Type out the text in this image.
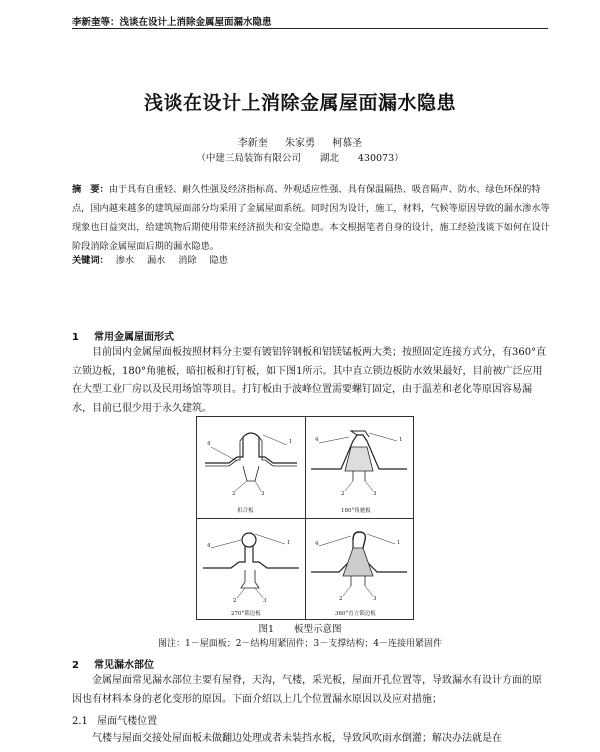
李新奎等：浅谈在设计上消除金属屋面漏水隐患
浅谈在设计上消除金属屋面漏水隐患
李新奎 朱家勇 柯慕圣
（中建三局装饰有限公司　　湖北　　430073）
摘　要：由于具有自重轻、耐久性强及经济指标高、外观适应性强、具有保温隔热、吸音隔声、防水、绿色环保的特点，国内越来越多的建筑屋面部分均采用了金属屋面系统。同时因为设计，施工，材料，气候等原因导致的漏水渗水等现象也日益突出，给建筑物后期使用带来经济损失和安全隐患。本文根据笔者自身的设计，施工经验浅谈下如何在设计阶段消除金属屋面后期的漏水隐患。
关键词： 渗水 漏水 消除 隐患
1 常用金属屋面形式
目前国内金属屋面板按照材料分主要有镀铝锌钢板和铝镁锰板两大类；按照固定连接方式分，有360°直立锁边板，180°角驰板，暗扣板和打钉板，如下图1所示。其中直立锁边板防水效果最好，目前被广泛应用在大型工业厂房以及民用场馆等项目。打钉板由于波峰位置需要螺钉固定，由于温差和老化等原因容易漏水，目前已很少用于永久建筑。
4	1
2	3
扣合板
4	1
2	3
180°角驰板
4	1
2	3
270°锁边板
4	1
2	3
360°直立锁边板
图1 板型示意图
图注：1－屋面板；2－结构用紧固件；3－支撑结构；4－连接用紧固件
2 常见漏水部位
金属屋面常见漏水部位主要有屋脊，天沟，气楼，采光板，屋面开孔位置等，导致漏水有设计方面的原因也有材料本身的老化变形的原因。下面介绍以上几个位置漏水原因以及应对措施；
2.1 屋面气楼位置
气楼与屋面交接处屋面板未做翻边处理或者未装挡水板，导致风吹雨水倒灌；解决办法就是在
